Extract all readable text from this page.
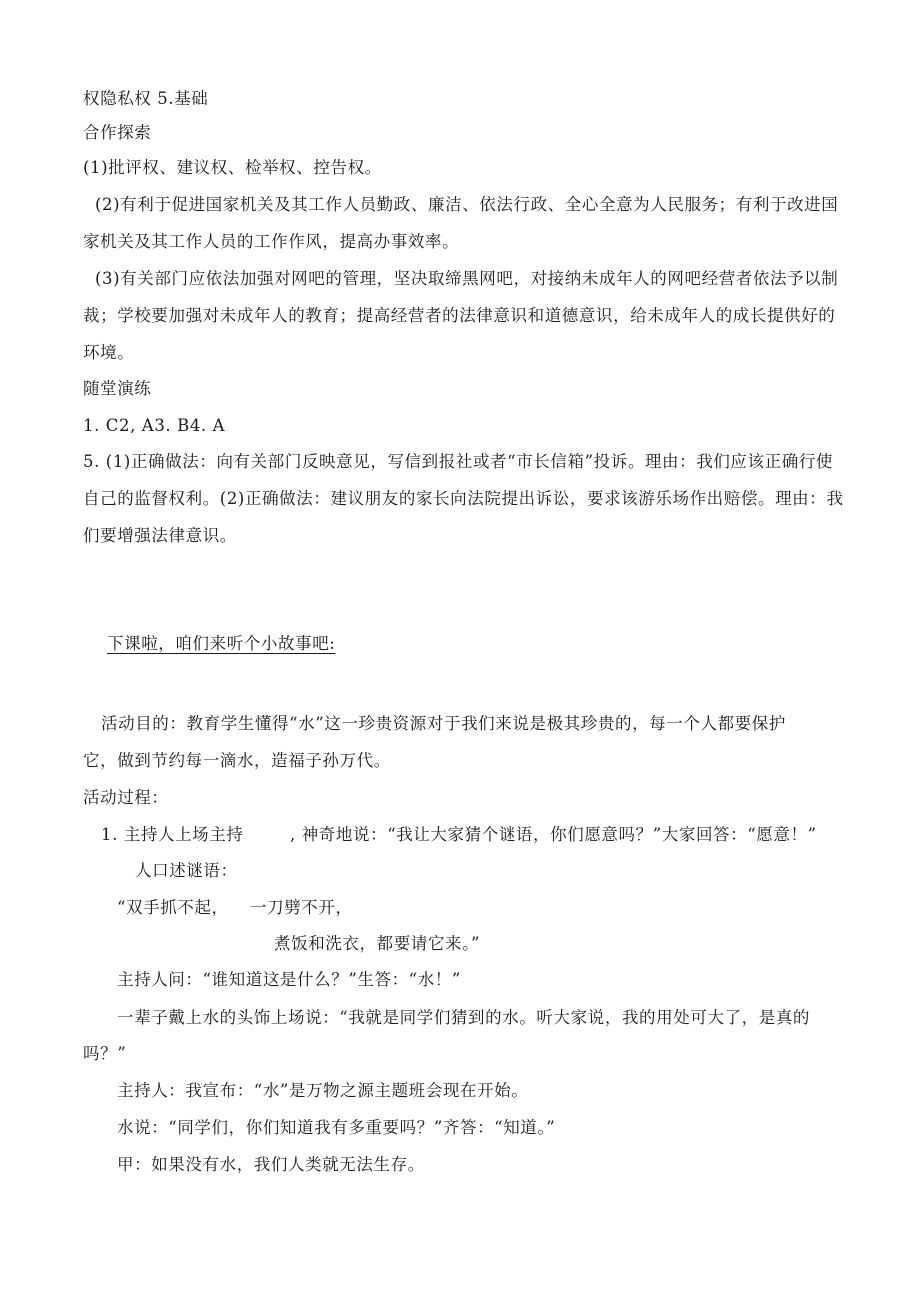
权隐私权 5.基础
合作探索
(1)批评权、建议权、检举权、控告权。
(2)有利于促进国家机关及其工作人员勤政、廉洁、依法行政、全心全意为人民服务；有利于改进国
家机关及其工作人员的工作作风，提高办事效率。
(3)有关部门应依法加强对网吧的管理，坚决取缔黑网吧，对接纳未成年人的网吧经营者依法予以制
裁；学校要加强对未成年人的教育；提高经营者的法律意识和道德意识，给未成年人的成长提供好的
环境。
随堂演练
1. C2, A3. B4. A
5. (1)正确做法：向有关部门反映意见，写信到报社或者“市长信箱”投诉。理由：我们应该正确行使
自己的监督权利。(2)正确做法：建议朋友的家长向法院提出诉讼，要求该游乐场作出赔偿。理由：我
们要增强法律意识。
下课啦，咱们来听个小故事吧:
活动目的：教育学生懂得“水”这一珍贵资源对于我们来说是极其珍贵的，每一个人都要保护
它，做到节约每一滴水，造福子孙万代。
活动过程：
1. 主持人上场主持	, 神奇地说：“我让大家猜个谜语，你们愿意吗？”大家回答：“愿意！”
人口述谜语：
“双手抓不起， 一刀劈不开，
煮饭和洗衣，都要请它来。”
主持人问：“谁知道这是什么？”生答：“水！”
一辈子戴上水的头饰上场说：“我就是同学们猜到的水。听大家说，我的用处可大了，是真的
吗？”
主持人：我宣布：“水”是万物之源主题班会现在开始。
水说：“同学们，你们知道我有多重要吗？”齐答：“知道。”
甲：如果没有水，我们人类就无法生存。
